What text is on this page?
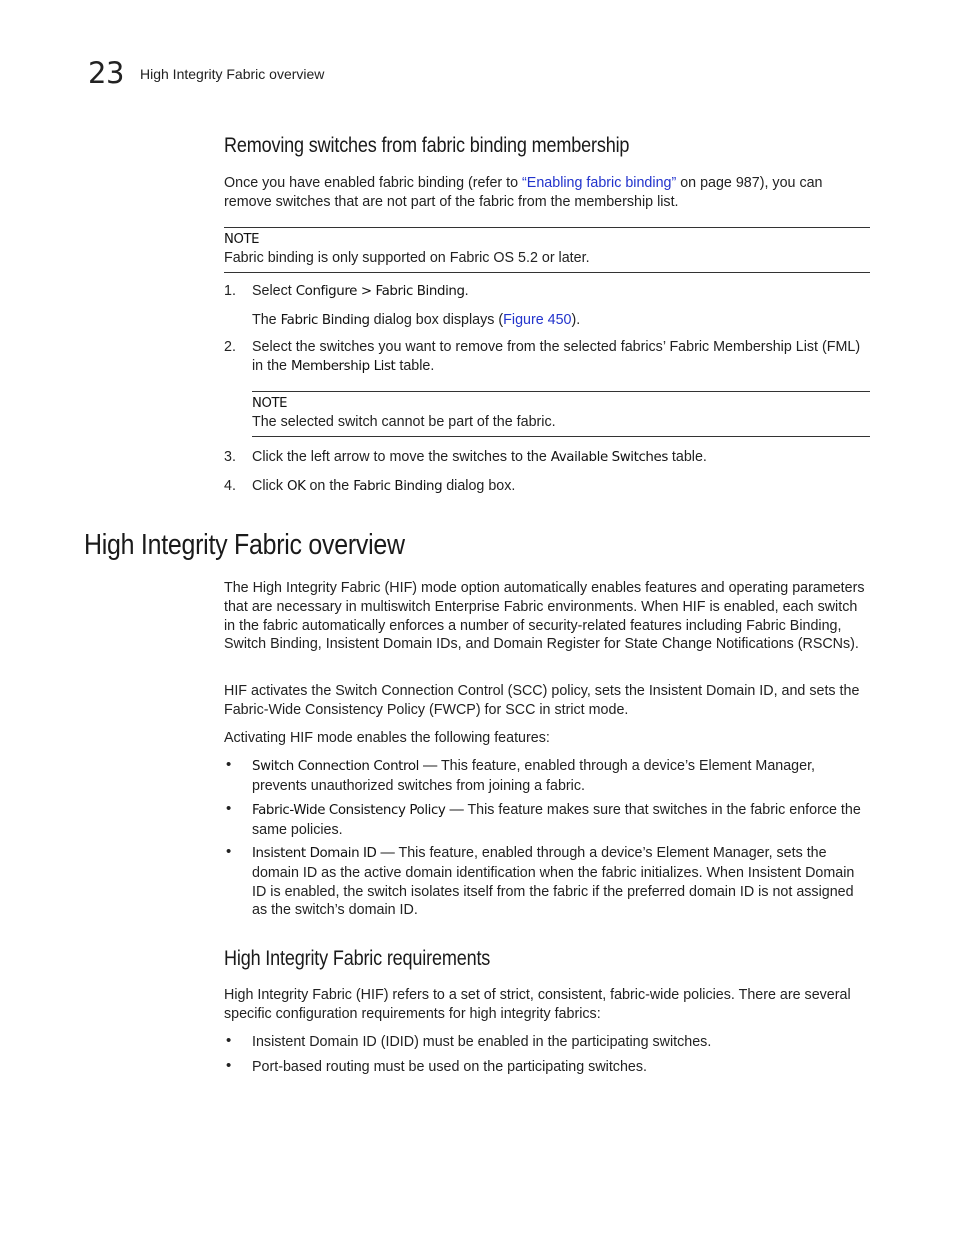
23 High Integrity Fabric overview
Removing switches from fabric binding membership

Once you have enabled fabric binding (refer to “Enabling fabric binding” on page 987), you can remove switches that are not part of the fabric from the membership list.

NOTE

Fabric binding is only supported on Fabric OS 5.2 or later.

1. Select Configure > Fabric Binding.
The Fabric Binding dialog box displays (Figure 450).
2. Select the switches you want to remove from the selected fabrics’ Fabric Membership List (FML) in the Membership List table.

NOTE

The selected switch cannot be part of the fabric.

3. Click the left arrow to move the switches to the Available Switches table.
4. Click OK on the Fabric Binding dialog box.
High Integrity Fabric overview

The High Integrity Fabric (HIF) mode option automatically enables features and operating parameters that are necessary in multiswitch Enterprise Fabric environments. When HIF is enabled, each switch in the fabric automatically enforces a number of security-related features including Fabric Binding, Switch Binding, Insistent Domain IDs, and Domain Register for State Change Notifications (RSCNs).

HIF activates the Switch Connection Control (SCC) policy, sets the Insistent Domain ID, and sets the Fabric-Wide Consistency Policy (FWCP) for SCC in strict mode.

Activating HIF mode enables the following features:

• Switch Connection Control — This feature, enabled through a device’s Element Manager, prevents unauthorized switches from joining a fabric.
• Fabric-Wide Consistency Policy — This feature makes sure that switches in the fabric enforce the same policies.
• Insistent Domain ID — This feature, enabled through a device’s Element Manager, sets the domain ID as the active domain identification when the fabric initializes. When Insistent Domain ID is enabled, the switch isolates itself from the fabric if the preferred domain ID is not assigned as the switch’s domain ID.
High Integrity Fabric requirements

High Integrity Fabric (HIF) refers to a set of strict, consistent, fabric-wide policies. There are several specific configuration requirements for high integrity fabrics:

• Insistent Domain ID (IDID) must be enabled in the participating switches.
• Port-based routing must be used on the participating switches.
